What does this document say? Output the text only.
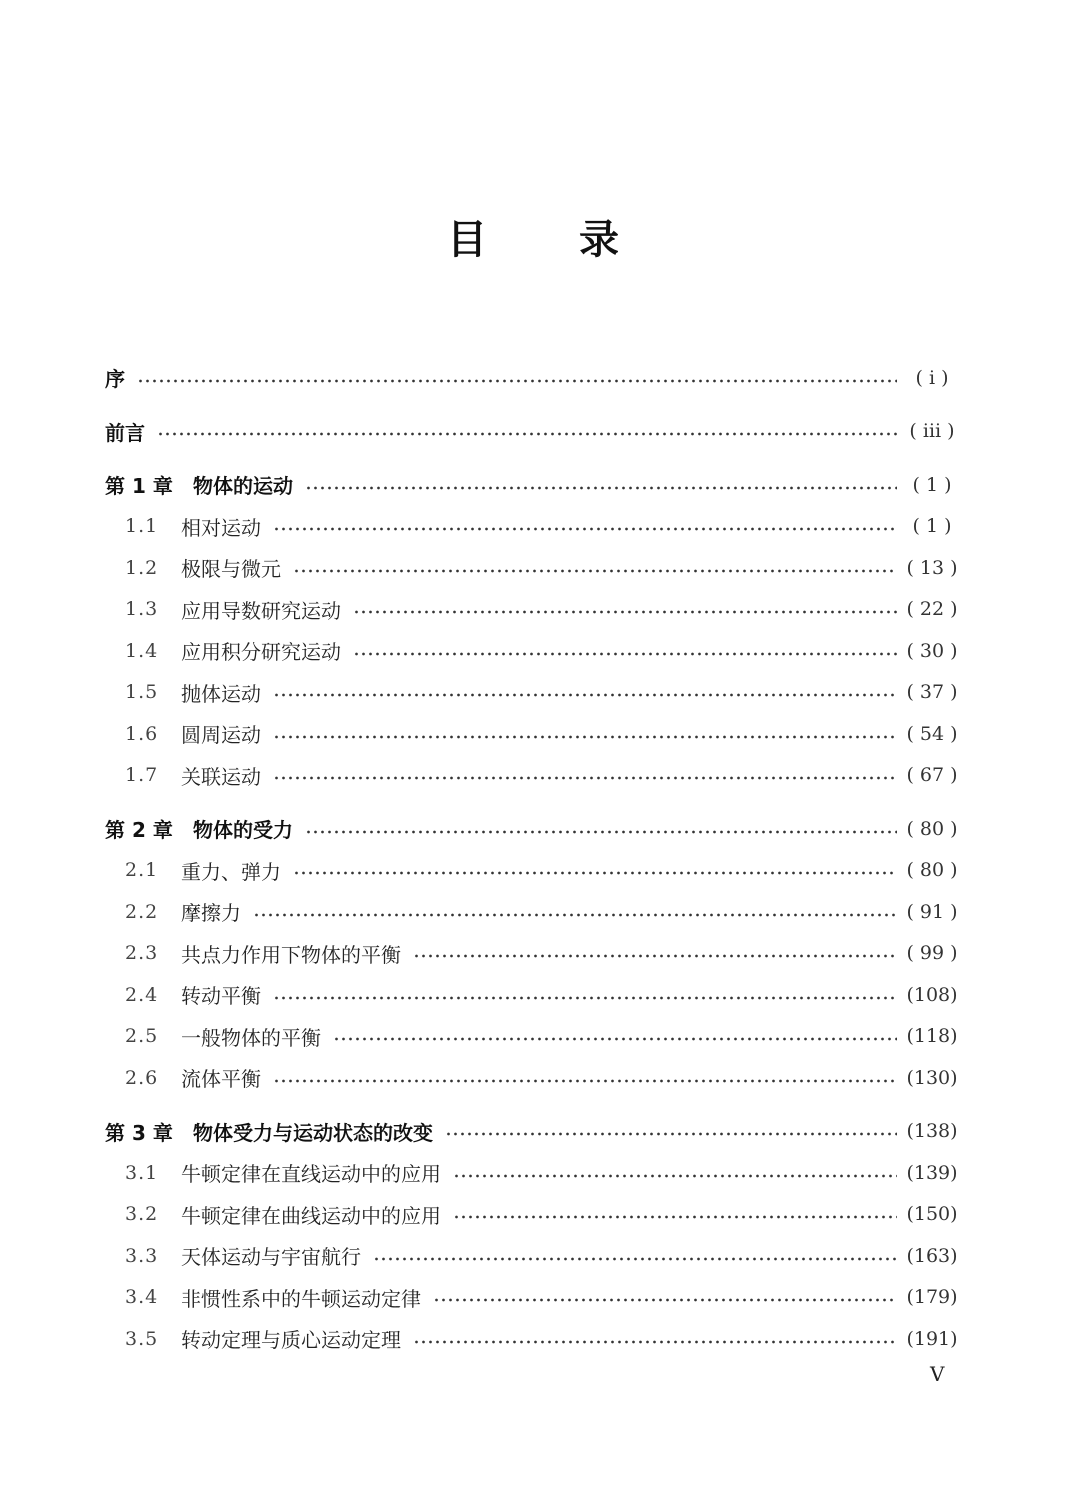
目录
序	( ⅰ )
前言	( ⅲ )
第 1 章	物体的运动	( 1 )
1.1	相对运动	( 1 )
1.2	极限与微元	( 13 )
1.3	应用导数研究运动	( 22 )
1.4	应用积分研究运动	( 30 )
1.5	抛体运动	( 37 )
1.6	圆周运动	( 54 )
1.7	关联运动	( 67 )
第 2 章	物体的受力	( 80 )
2.1	重力、弹力	( 80 )
2.2	摩擦力	( 91 )
2.3	共点力作用下物体的平衡	( 99 )
2.4	转动平衡	(108)
2.5	一般物体的平衡	(118)
2.6	流体平衡	(130)
第 3 章	物体受力与运动状态的改变	(138)
3.1	牛顿定律在直线运动中的应用	(139)
3.2	牛顿定律在曲线运动中的应用	(150)
3.3	天体运动与宇宙航行	(163)
3.4	非惯性系中的牛顿运动定律	(179)
3.5	转动定理与质心运动定理	(191)
Ⅴ
